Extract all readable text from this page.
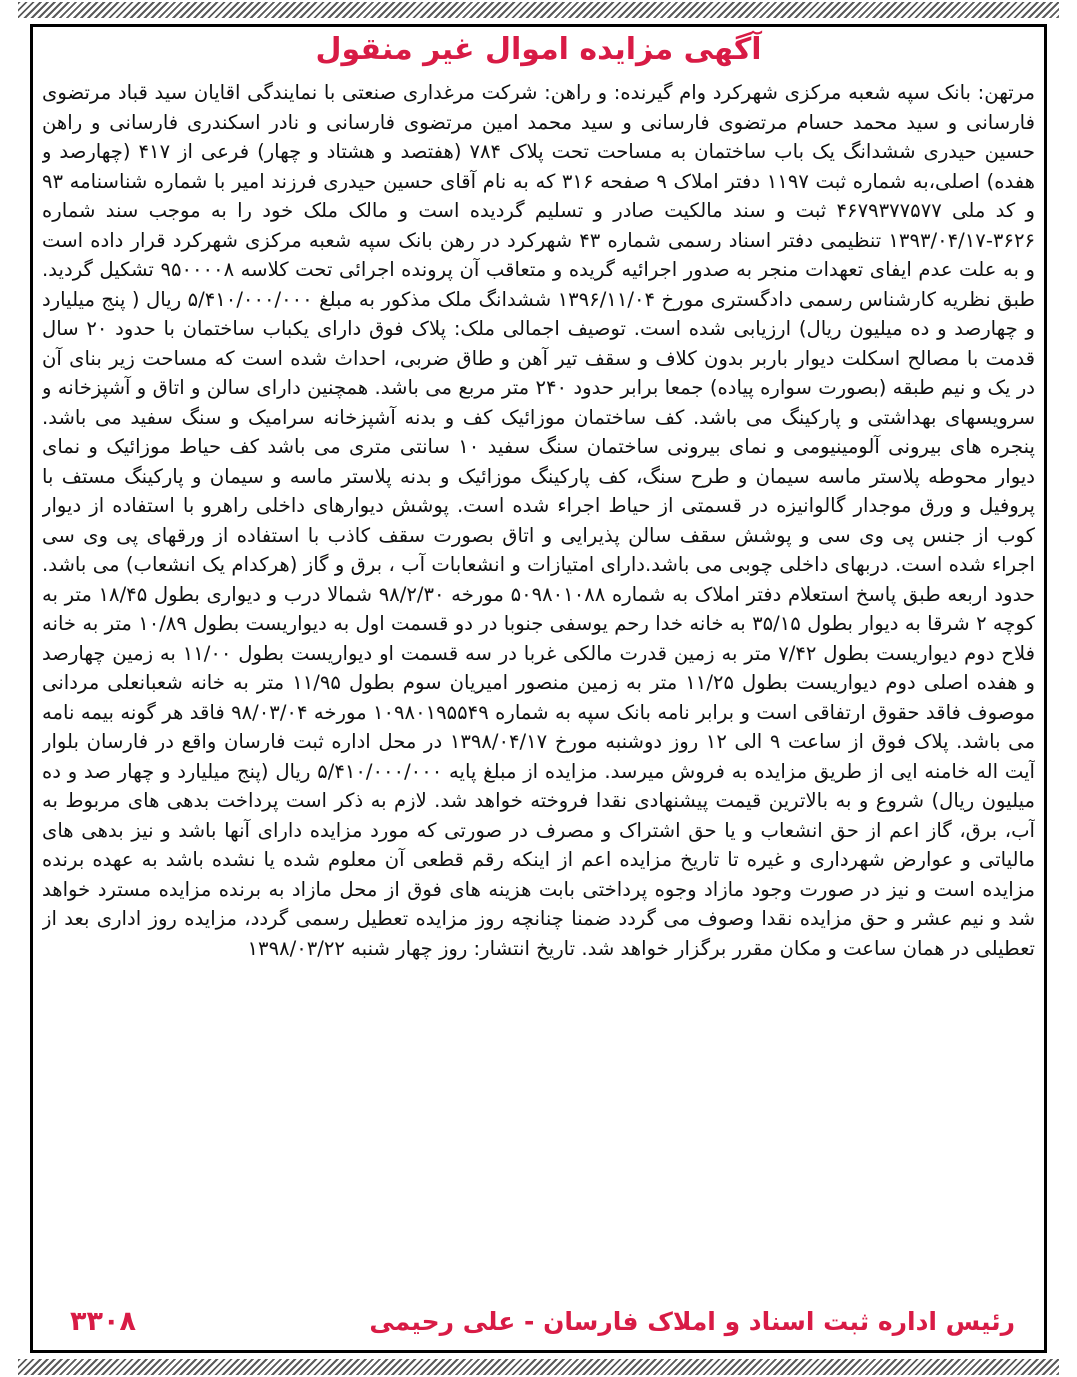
آگهی مزایده اموال غیر منقول
مرتهن: بانک سپه شعبه مرکزی شهرکرد وام گیرنده: و راهن: شرکت مرغداری صنعتی با نمایندگی اقایان سید قباد مرتضوی فارسانی و سید محمد حسام مرتضوی فارسانی و سید محمد امین مرتضوی فارسانی و نادر اسکندری فارسانی و راهن حسین حیدری ششدانگ یک باب ساختمان به مساحت تحت پلاک ۷۸۴ (هفتصد و هشتاد و چهار) فرعی از ۴۱۷ (چهارصد و هفده) اصلی،به شماره ثبت ۱۱۹۷ دفتر املاک ۹ صفحه ۳۱۶ که به نام آقای حسین حیدری فرزند امیر با شماره شناسنامه ۹۳ و کد ملی ۴۶۷۹۳۷۷۵۷۷ ثبت و سند مالکیت صادر و تسلیم گردیده است و مالک ملک خود را به موجب سند شماره ۳۶۲۶-۱۳۹۳/۰۴/۱۷ تنظیمی دفتر اسناد رسمی شماره ۴۳ شهرکرد در رهن بانک سپه شعبه مرکزی شهرکرد قرار داده است و به علت عدم ایفای تعهدات منجر به صدور اجرائیه گریده و متعاقب آن پرونده اجرائی تحت کلاسه ۹۵۰۰۰۰۸ تشکیل گردید. طبق نظریه کارشناس رسمی دادگستری مورخ ۱۳۹۶/۱۱/۰۴ ششدانگ ملک مذکور به مبلغ ۵/۴۱۰/۰۰۰/۰۰۰ ریال ( پنج میلیارد و چهارصد و ده میلیون ریال) ارزیابی شده است. توصیف اجمالی ملک: پلاک فوق دارای یکباب ساختمان با حدود ۲۰ سال قدمت با مصالح اسکلت دیوار باربر بدون کلاف و سقف تیر آهن و طاق ضربی، احداث شده است که مساحت زیر بنای آن در یک و نیم طبقه (بصورت سواره پیاده) جمعا برابر حدود ۲۴۰ متر مربع می باشد. همچنین دارای سالن و اتاق و آشپزخانه و سرویسهای بهداشتی و پارکینگ می باشد. کف ساختمان موزائیک کف و بدنه آشپزخانه سرامیک و سنگ سفید می باشد. پنجره های بیرونی آلومینیومی و نمای بیرونی ساختمان سنگ سفید ۱۰ سانتی متری می باشد کف حیاط موزائیک و نمای دیوار محوطه پلاستر ماسه سیمان و طرح سنگ، کف پارکینگ موزائیک و بدنه پلاستر ماسه و سیمان و پارکینگ مستف با پروفیل و ورق موجدار گالوانیزه در قسمتی از حیاط اجراء شده است. پوشش دیوارهای داخلی راهرو با استفاده از دیوار کوب از جنس پی وی سی و پوشش سقف سالن پذیرایی و اتاق بصورت سقف کاذب با استفاده از ورقهای پی وی سی اجراء شده است. دربهای داخلی چوبی می باشد.دارای امتیازات و انشعابات آب ، برق و گاز (هرکدام یک انشعاب) می باشد. حدود اربعه طبق پاسخ استعلام دفتر املاک به شماره ۵۰۹۸۰۱۰۸۸ مورخه ۹۸/۲/۳۰ شمالا درب و دیواری بطول ۱۸/۴۵ متر به کوچه ۲ شرقا به دیوار بطول ۳۵/۱۵ به خانه خدا رحم یوسفی جنوبا در دو قسمت اول به دیواریست بطول ۱۰/۸۹ متر به خانه فلاح دوم دیواریست بطول ۷/۴۲ متر به زمین قدرت مالکی غربا در سه قسمت او دیواریست بطول ۱۱/۰۰ به زمین چهارصد و هفده اصلی دوم دیواریست بطول ۱۱/۲۵ متر به زمین منصور امیریان سوم بطول ۱۱/۹۵ متر به خانه شعبانعلی مردانی موصوف فاقد حقوق ارتفاقی است و برابر نامه بانک سپه به شماره ۱۰۹۸۰۱۹۵۵۴۹ مورخه ۹۸/۰۳/۰۴ فاقد هر گونه بیمه نامه می باشد. پلاک فوق از ساعت ۹ الی ۱۲ روز دوشنبه مورخ ۱۳۹۸/۰۴/۱۷ در محل اداره ثبت فارسان واقع در فارسان بلوار آیت اله خامنه ایی از طریق مزایده به فروش میرسد. مزایده از مبلغ پایه ۵/۴۱۰/۰۰۰/۰۰۰ ریال (پنج میلیارد و چهار صد و ده میلیون ریال) شروع و به بالاترین قیمت پیشنهادی نقدا فروخته خواهد شد. لازم به ذکر است پرداخت بدهی های مربوط به آب، برق، گاز اعم از حق انشعاب و یا حق اشتراک و مصرف در صورتی که مورد مزایده دارای آنها باشد و نیز بدهی های مالیاتی و عوارض شهرداری و غیره تا تاریخ مزایده اعم از اینکه رقم قطعی آن معلوم شده یا نشده باشد به عهده برنده مزایده است و نیز در صورت وجود مازاد وجوه پرداختی بابت هزینه های فوق از محل مازاد به برنده مزایده مسترد خواهد شد و نیم عشر و حق مزایده نقدا وصوف می گردد ضمنا چنانچه روز مزایده تعطیل رسمی گردد، مزایده روز اداری بعد از تعطیلی در همان ساعت و مکان مقرر برگزار خواهد شد. تاریخ انتشار: روز چهار شنبه ۱۳۹۸/۰۳/۲۲
رئیس اداره ثبت اسناد و املاک فارسان - علی رحیمی
۳۳۰۸
